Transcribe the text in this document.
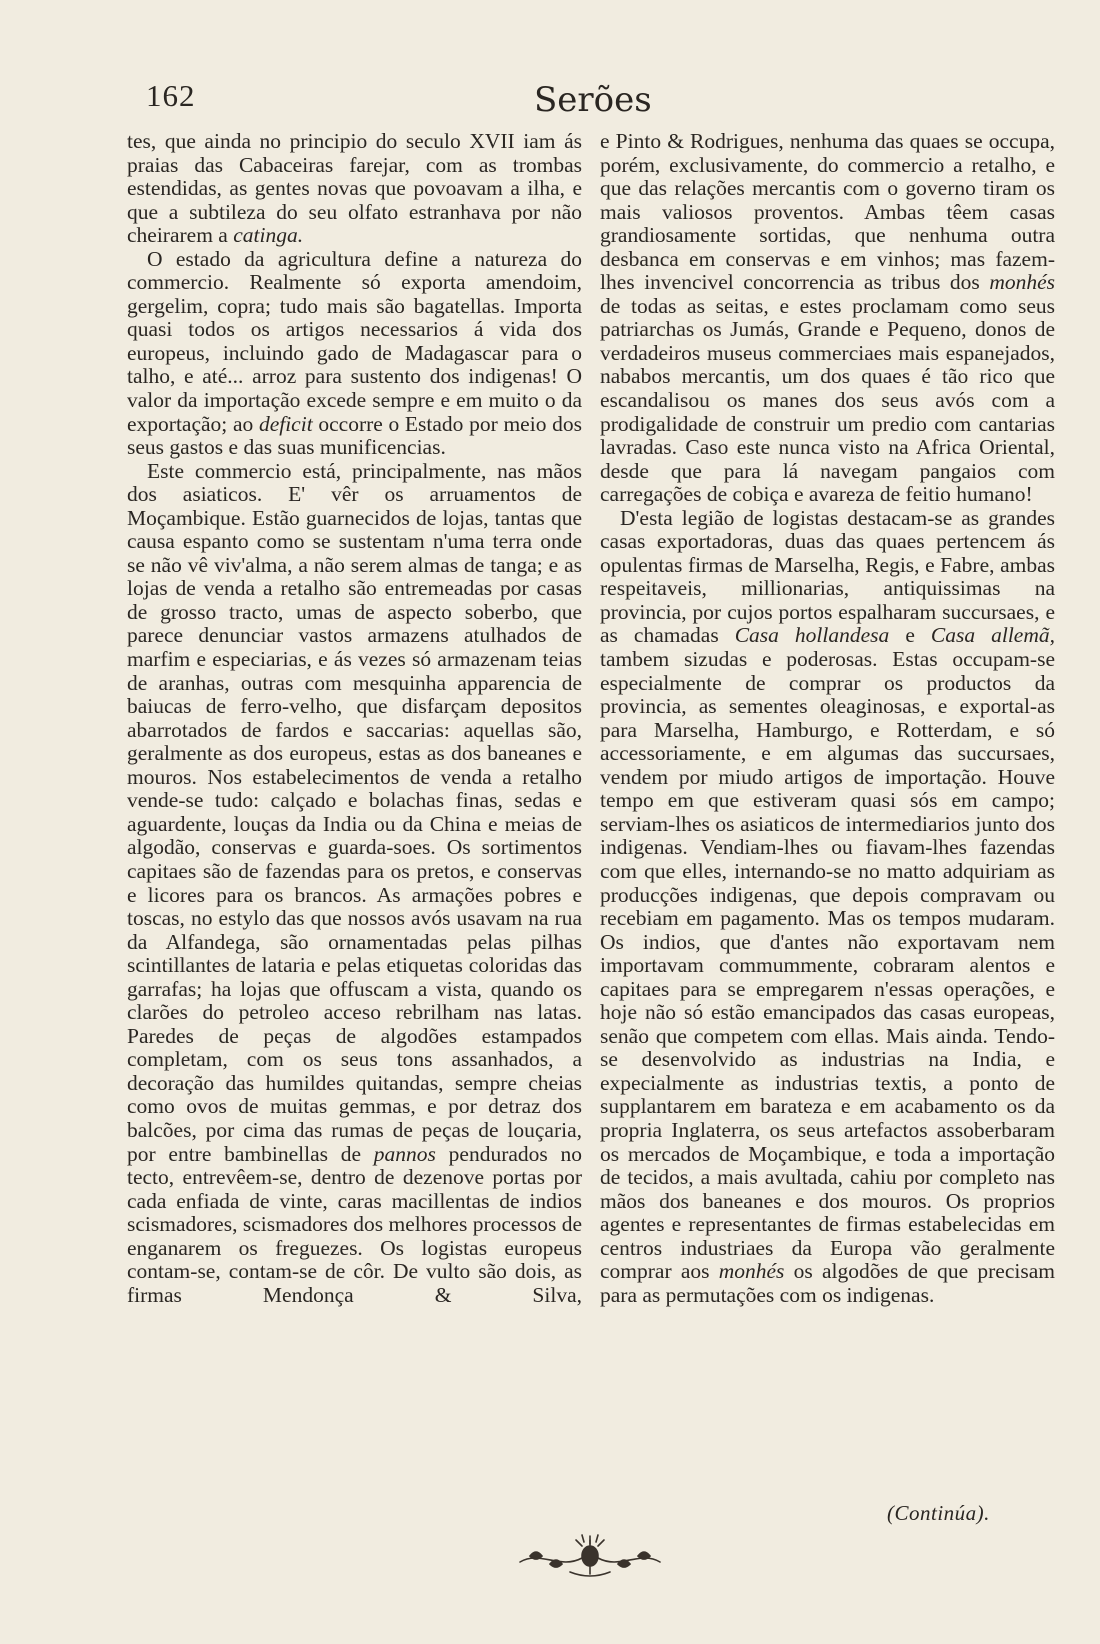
162	Serões

tes, que ainda no principio do seculo XVII iam ás praias das Cabaceiras farejar, com as trombas estendidas, as gentes novas que povoavam a ilha, e que a subtileza do seu olfato estranhava por não cheirarem a catinga.

O estado da agricultura define a natureza do commercio. Realmente só exporta amendoim, gergelim, copra; tudo mais são bagatellas. Importa quasi todos os artigos necessarios á vida dos europeus, incluindo gado de Madagascar para o talho, e até... arroz para sustento dos indigenas! O valor da importação excede sempre e em muito o da exportação; ao deficit occorre o Estado por meio dos seus gastos e das suas munificencias.

Este commercio está, principalmente, nas mãos dos asiaticos. E' vêr os arruamentos de Moçambique. Estão guarnecidos de lojas, tantas que causa espanto como se sustentam n'uma terra onde se não vê viv'alma, a não serem almas de tanga; e as lojas de venda a retalho são entremeadas por casas de grosso tracto, umas de aspecto soberbo, que parece denunciar vastos armazens atulhados de marfim e especiarias, e ás vezes só armazenam teias de aranhas, outras com mesquinha apparencia de baiucas de ferro-velho, que disfarçam depositos abarrotados de fardos e saccarias: aquellas são, geralmente as dos europeus, estas as dos baneanes e mouros. Nos estabelecimentos de venda a retalho vende-se tudo: calçado e bolachas finas, sedas e aguardente, louças da India ou da China e meias de algodão, conservas e guarda-soes. Os sortimentos capitaes são de fazendas para os pretos, e conservas e licores para os brancos. As armações pobres e toscas, no estylo das que nossos avós usavam na rua da Alfandega, são ornamentadas pelas pilhas scintillantes de lataria e pelas etiquetas coloridas das garrafas; ha lojas que offuscam a vista, quando os clarões do petroleo acceso rebrilham nas latas. Paredes de peças de algodões estampados completam, com os seus tons assanhados, a decoração das humildes quitandas, sempre cheias como ovos de muitas gemmas, e por detraz dos balcões, por cima das rumas de peças de louçaria, por entre bambinellas de pannos pendurados no tecto, entrevêem-se, dentro de dezenove portas por cada enfiada de vinte, caras macillentas de indios scismadores, scismadores dos melhores processos de enganarem os freguezes. Os logistas europeus contam-se, contam-se de côr. De vulto são dois, as firmas Mendonça & Silva,

e Pinto & Rodrigues, nenhuma das quaes se occupa, porém, exclusivamente, do commercio a retalho, e que das relações mercantis com o governo tiram os mais valiosos proventos. Ambas têem casas grandiosamente sortidas, que nenhuma outra desbanca em conservas e em vinhos; mas fazem-lhes invencivel concorrencia as tribus dos monhés de todas as seitas, e estes proclamam como seus patriarchas os Jumás, Grande e Pequeno, donos de verdadeiros museus commerciaes mais espanejados, nababos mercantis, um dos quaes é tão rico que escandalisou os manes dos seus avós com a prodigalidade de construir um predio com cantarias lavradas. Caso este nunca visto na Africa Oriental, desde que para lá navegam pangaios com carregações de cobiça e avareza de feitio humano!

D'esta legião de logistas destacam-se as grandes casas exportadoras, duas das quaes pertencem ás opulentas firmas de Marselha, Regis, e Fabre, ambas respeitaveis, millionarias, antiquissimas na provincia, por cujos portos espalharam succursaes, e as chamadas Casa hollandesa e Casa allemã, tambem sizudas e poderosas. Estas occupam-se especialmente de comprar os productos da provincia, as sementes oleaginosas, e exportal-as para Marselha, Hamburgo, e Rotterdam, e só accessoriamente, e em algumas das succursaes, vendem por miudo artigos de importação. Houve tempo em que estiveram quasi sós em campo; serviam-lhes os asiaticos de intermediarios junto dos indigenas. Vendiam-lhes ou fiavam-lhes fazendas com que elles, internando-se no matto adquiriam as producções indigenas, que depois compravam ou recebiam em pagamento. Mas os tempos mudaram. Os indios, que d'antes não exportavam nem importavam commummente, cobraram alentos e capitaes para se empregarem n'essas operações, e hoje não só estão emancipados das casas europeas, senão que competem com ellas. Mais ainda. Tendo-se desenvolvido as industrias na India, e expecialmente as industrias textis, a ponto de supplantarem em barateza e em acabamento os da propria Inglaterra, os seus artefactos assoberbaram os mercados de Moçambique, e toda a importação de tecidos, a mais avultada, cahiu por completo nas mãos dos baneanes e dos mouros. Os proprios agentes e representantes de firmas estabelecidas em centros industriaes da Europa vão geralmente comprar aos monhés os algodões de que precisam para as permutações com os indigenas.

(Continúa).
